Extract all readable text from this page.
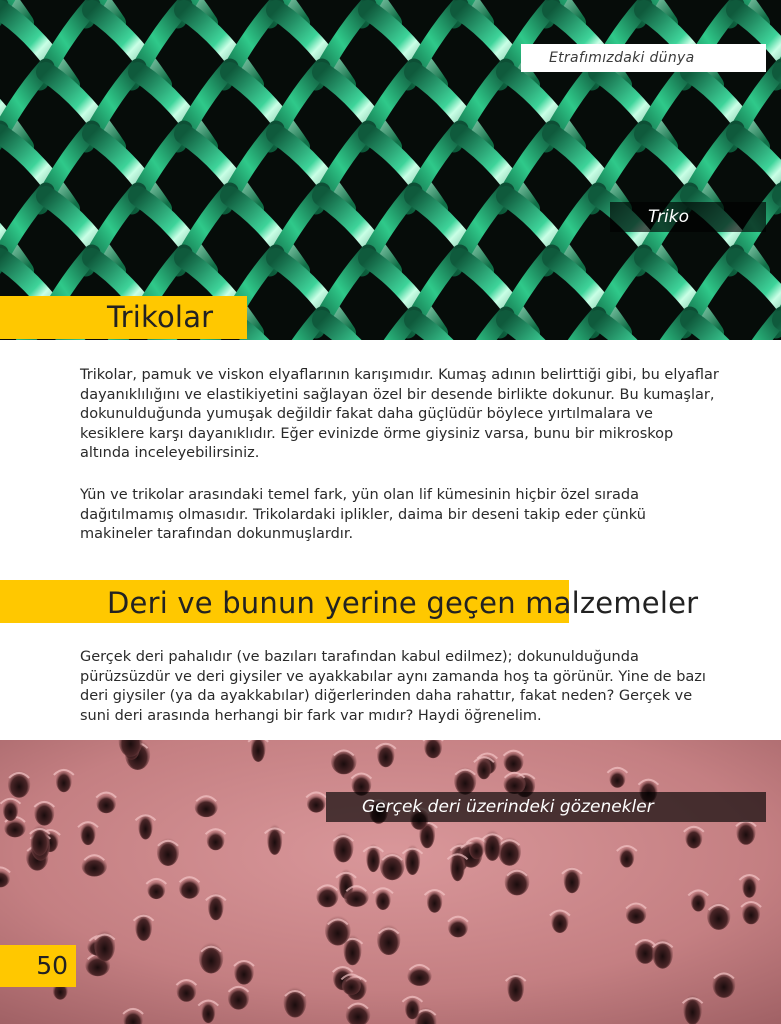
Etrafımızdaki dünya
Triko
Trikolar

Trikolar, pamuk ve viskon elyaflarının karışımıdır. Kumaş adının belirttiği gibi, bu elyaflar dayanıklılığını ve elastikiyetini sağlayan özel bir desende birlikte dokunur. Bu kumaşlar, dokunulduğunda yumuşak değildir fakat daha güçlüdür böylece yırtılmalara ve kesiklere karşı dayanıklıdır. Eğer evinizde örme giysiniz varsa, bunu bir mikroskop altında inceleyebilirsiniz.

Yün ve trikolar arasındaki temel fark, yün olan lif kümesinin hiçbir özel sırada dağıtılmamış olmasıdır. Trikolardaki iplikler, daima bir deseni takip eder çünkü makineler tarafından dokunmuşlardır.

Deri ve bunun yerine geçen malzemeler

Gerçek deri pahalıdır (ve bazıları tarafından kabul edilmez); dokunulduğunda pürüzsüzdür ve deri giysiler ve ayakkabılar aynı zamanda hoş ta görünür. Yine de bazı deri giysiler (ya da ayakkabılar) diğerlerinden daha rahattır, fakat neden? Gerçek ve suni deri arasında herhangi bir fark var mıdır? Haydi öğrenelim.

Gerçek deri üzerindeki gözenekler
50
